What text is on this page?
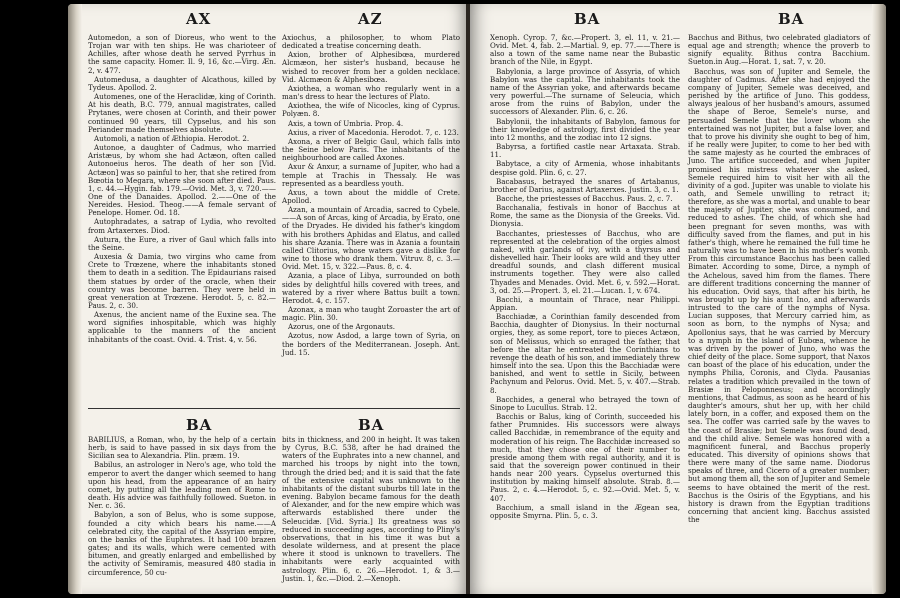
AX	AZ

Automedon, a son of Dioreus, who went to the Trojan war with ten ships. He was charioteer of Achilles, after whose death he served Pyrrhus in the same capacity. Homer. Il. 9, 16, &c.—Virg. Æn. 2, v. 477.

Automedusa, a daughter of Alcathous, killed by Tydeus. Apollod. 2.

Automenes, one of the Heraclidæ, king of Corinth. At his death, B.C. 779, annual magistrates, called Prytanes, were chosen at Corinth, and their power continued 90 years, till Cypselus, and his son Periander made themselves absolute.

Automoli, a nation of Æthiopia. Herodot. 2.

Autonoe, a daughter of Cadmus, who married Aristæus, by whom she had Actæon, often called Autonoeius heros. The death of her son [Vid. Actæon] was so painful to her, that she retired from Bœotia to Megara, where she soon after died. Paus. 1, c. 44.—Hygin. fab. 179.—Ovid. Met. 3, v. 720.——One of the Danaides. Apollod. 2.——One of the Nereides. Hesiod. Theog.——A female servant of Penelope. Homer. Od. 18.

Autophradates, a satrap of Lydia, who revolted from Artaxerxes. Diod.

Autura, the Eure, a river of Gaul which falls into the Seine.

Auxesia & Damia, two virgins who came from Crete to Trœzene, where the inhabitants stoned them to death in a sedition. The Epidaurians raised them statues by order of the oracle, when their country was become barren. They were held in great veneration at Trœzene. Herodot. 5, c. 82.—Paus. 2, c. 30.

Axenus, the ancient name of the Euxine sea. The word signifies inhospitable, which was highly applicable to the manners of the ancient inhabitants of the coast. Ovid. 4. Trist. 4, v. 56.

Axiochus, a philosopher, to whom Plato dedicated a treatise concerning death.

Axion, brother of Alphesibœa, murdered Alcmæon, her sister's husband, because he wished to recover from her a golden necklace. Vid. Alcmæon & Alphesibœa.

Axiothea, a woman who regularly went in a man's dress to hear the lectures of Plato.

Axiothea, the wife of Nicocles, king of Cyprus. Polyæn. 8.

Axis, a town of Umbria. Prop. 4.

Axius, a river of Macedonia. Herodot. 7, c. 123.

Axona, a river of Belgic Gaul, which falls into the Seine below Paris. The inhabitants of the neighbourhood are called Axones.

Axur & Anxur, a surname of Jupiter, who had a temple at Trachis in Thessaly. He was represented as a beardless youth.

Axus, a town about the middle of Crete. Apollod.

Azan, a mountain of Arcadia, sacred to Cybele.——A son of Arcas, king of Arcadia, by Erato, one of the Dryades. He divided his father's kingdom with his brothers Aphidas and Elatus, and called his share Azania. There was in Azania a fountain called Clitorius, whose waters gave a dislike for wine to those who drank them. Vitruv. 8, c. 3.—Ovid. Met. 15, v. 322.—Paus. 8, c. 4.

Azania, a place of Libya, surrounded on both sides by delightful hills covered with trees, and watered by a river where Battus built a town. Herodot. 4, c. 157.

Azonax, a man who taught Zoroaster the art of magic. Plin. 30.

Azorus, one of the Argonauts.

Azotus, now Asdod, a large town of Syria, on the borders of the Mediterranean. Joseph. Ant. Jud. 15.

BA	BA

BABILIUS, a Roman, who, by the help of a certain herb, is said to have passed in six days from the Sicilian sea to Alexandria. Plin. præm. 19.

Babilus, an astrologer in Nero's age, who told the emperor to avert the danger which seemed to hang upon his head, from the appearance of an hairy comet, by putting all the leading men of Rome to death. His advice was faithfully followed. Sueton. in Ner. c. 36.

Babylon, a son of Belus, who is some suppose, founded a city which bears his name.——A celebrated city, the capital of the Assyrian empire, on the banks of the Euphrates. It had 100 brazen gates; and its walls, which were cemented with bitumen, and greatly enlarged and embellished by the activity of Semiramis, measured 480 stadia in circumference, 50 cu-

bits in thickness, and 200 in height. It was taken by Cyrus, B.C. 538, after he had drained the waters of the Euphrates into a new channel, and marched his troops by night into the town, through the dried bed; and it is said that the fate of the extensive capital was unknown to the inhabitants of the distant suburbs till late in the evening. Babylon became famous for the death of Alexander, and for the new empire which was afterwards established there under the Seleucidæ. [Vid. Syria.] Its greatness was so reduced in succeeding ages, according to Pliny's observations, that in his time it was but a desolate wilderness, and at present the place where it stood is unknown to travellers. The inhabitants were early acquainted with astrology. Plin. 6, c. 26.—Herodot. 1, & 3.—Justin. 1, &c.—Diod. 2.—Xenoph.

BA	BA

Xenoph. Cyrop. 7, &c.—Propert. 3, el. 11, v. 21.—Ovid. Met. 4, fab. 2.—Martial. 9, ep. 77.——There is also a town of the same name near the Bubastic branch of the Nile, in Egypt.

Babylonia, a large province of Assyria, of which Babylon was the capital. The inhabitants took the name of the Assyrian yoke, and afterwards became very powerful.—The surname of Seleucia, which arose from the ruins of Babylon, under the successors of Alexander. Plin. 6, c. 26.

Babylonii, the inhabitants of Babylon, famous for their knowledge of astrology, first divided the year into 12 months, and the zodiac into 12 signs.

Babyrsa, a fortified castle near Artaxata. Strab. 11.

Babytace, a city of Armenia, whose inhabitants despise gold. Plin. 6, c. 27.

Bacabasus, betrayed the snares of Artabanus, brother of Darius, against Artaxerxes. Justin. 3, c. 1.

Bacche, the priestesses of Bacchus. Paus. 2, c. 7.

Bacchanalia, festivals in honor of Bacchus at Rome, the same as the Dionysia of the Greeks. Vid. Dionysia.

Bacchantes, priestesses of Bacchus, who are represented at the celebration of the orgies almost naked, with garlands of ivy, with a thyrsus and dishevelled hair. Their looks are wild and they utter dreadful sounds, and clash different musical instruments together. They were also called Thyades and Menades. Ovid. Met. 6, v. 592.—Horat. 3, od. 25.—Propert. 3, el. 21.—Lucan. 1, v. 674.

Bacchi, a mountain of Thrace, near Philippi. Appian.

Bacchiadæ, a Corinthian family descended from Bacchia, daughter of Dionysius. In their nocturnal orgies, they, as some report, tore to pieces Actæon, son of Melissus, which so enraged the father, that before the altar he entreated the Corinthians to revenge the death of his son, and immediately threw himself into the sea. Upon this the Bacchiadæ were banished, and went to settle in Sicily, between Pachynum and Pelorus. Ovid. Met. 5, v. 407.—Strab. 8.

Bacchides, a general who betrayed the town of Sinope to Lucullus. Strab. 12.

Bacchis or Balus, king of Corinth, succeeded his father Prumnides. His successors were always called Bacchidæ, in remembrance of the equity and moderation of his reign. The Bacchidæ increased so much, that they chose one of their number to preside among them with regal authority, and it is said that the sovereign power continued in their hands near 200 years. Cypselus overturned this institution by making himself absolute. Strab. 8.—Paus. 2, c. 4.—Herodot. 5, c. 92.—Ovid. Met. 5, v. 407.

Bacchium, a small island in the Ægean sea, opposite Smyrna. Plin. 5, c. 3.

Bacchus and Bithus, two celebrated gladiators of equal age and strength; whence the proverb to signify equality. Bithus contra Bacchium. Sueton.in Aug.—Horat. 1, sat. 7, v. 20.

Bacchus, was son of Jupiter and Semele, the daughter of Cadmus. After she had enjoyed the company of Jupiter, Semele was deceived, and perished by the artifice of Juno. This goddess, always jealous of her husband's amours, assumed the shape of Beroe, Semele's nurse, and persuaded Semele that the lover whom she entertained was not Jupiter, but a false lover, and that to prove his divinity she ought to beg of him, if he really were Jupiter, to come to her bed with the same majesty as he courted the embraces of Juno. The artifice succeeded, and when Jupiter promised his mistress whatever she asked, Semele required him to visit her with all the divinity of a god. Jupiter was unable to violate his oath, and Semele unwilling to retract it; therefore, as she was a mortal, and unable to bear the majesty of Jupiter, she was consumed, and reduced to ashes. The child, of which she had been pregnant for seven months, was with difficulty saved from the flames, and put in his father's thigh, where he remained the full time he naturally was to have been in his mother's womb. From this circumstance Bacchus has been called Bimater. According to some, Dirce, a nymph of the Achelous, saved him from the flames. There are different traditions concerning the manner of his education. Ovid says, that after his birth, he was brought up by his aunt Ino, and afterwards intrusted to the care of the nymphs of Nysa. Lucian supposes, that Mercury carried him, as soon as born, to the nymphs of Nysa; and Apollonius says, that he was carried by Mercury to a nymph in the island of Eubœa, whence he was driven by the power of Juno, who was the chief deity of the place. Some support, that Naxos can boast of the place of his education, under the nymphs Philia, Coronis, and Clyda. Pausanias relates a tradition which prevailed in the town of Brasiæ in Peloponnesus; and accordingly mentions, that Cadmus, as soon as he heard of his daughter's amours, shut her up, with her child lately born, in a coffer, and exposed them on the sea. The coffer was carried safe by the waves to the coast of Brasiæ; but Semele was found dead, and the child alive. Semele was honored with a magnificent funeral, and Bacchus properly educated. This diversity of opinions shows that there were many of the same name. Diodorus speaks of three, and Cicero of a greater number; but among them all, the son of Jupiter and Semele seems to have obtained the merit of the rest. Bacchus is the Osiris of the Egyptians, and his history is drawn from the Egyptian traditions concerning that ancient king. Bacchus assisted the
